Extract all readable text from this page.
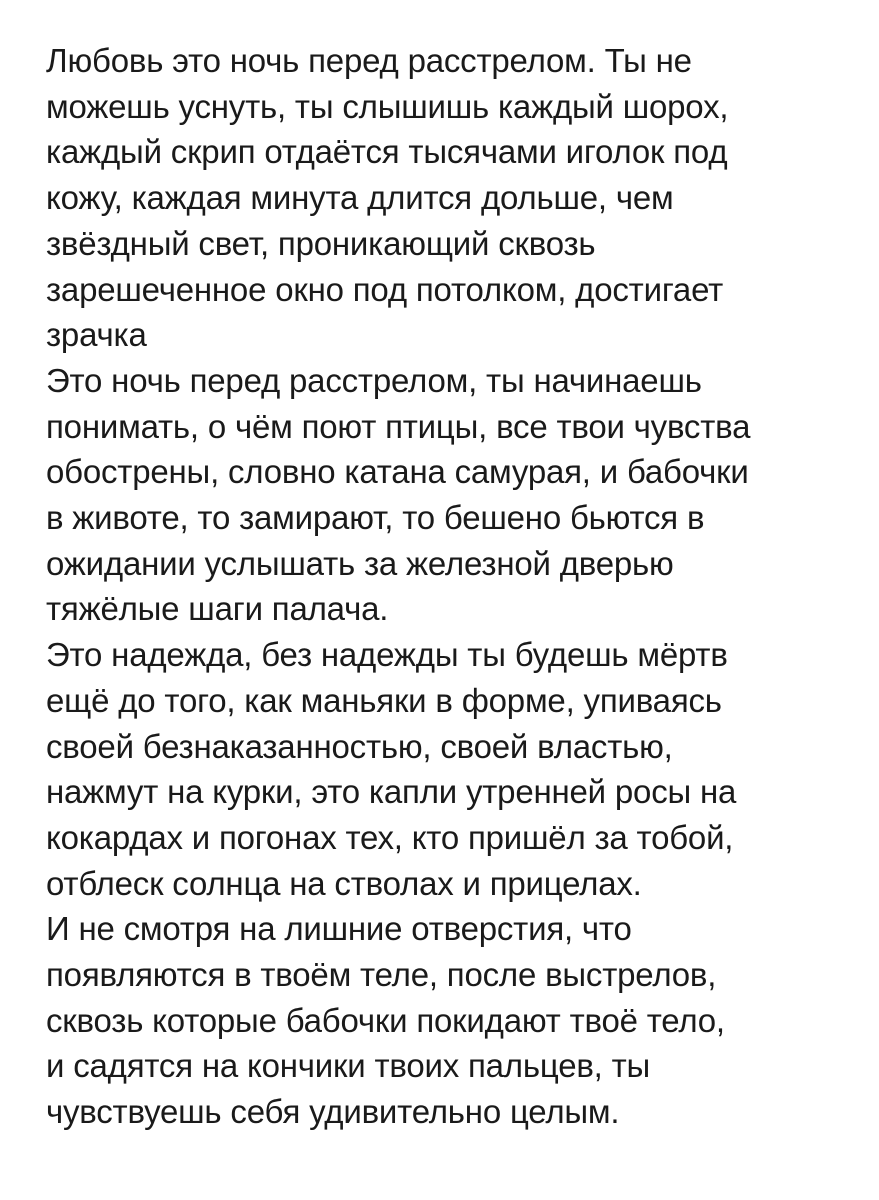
Любовь это ночь перед расстрелом. Ты не
можешь уснуть, ты слышишь каждый шорох,
каждый скрип отдаётся тысячами иголок под
кожу, каждая минута длится дольше, чем
звёздный свет, проникающий сквозь
зарешеченное окно под потолком, достигает
зрачка
Это ночь перед расстрелом, ты начинаешь
понимать, о чём поют птицы, все твои чувства
обострены, словно катана самурая, и бабочки
в животе, то замирают, то бешено бьются в
ожидании услышать за железной дверью
тяжёлые шаги палача.
Это надежда, без надежды ты будешь мёртв
ещё до того, как маньяки в форме, упиваясь
своей безнаказанностью, своей властью,
нажмут на курки, это капли утренней росы на
кокардах и погонах тех, кто пришёл за тобой,
отблеск солнца на стволах и прицелах.
И не смотря на лишние отверстия, что
появляются в твоём теле, после выстрелов,
сквозь которые бабочки покидают твоё тело,
и садятся на кончики твоих пальцев, ты
чувствуешь себя удивительно целым.
